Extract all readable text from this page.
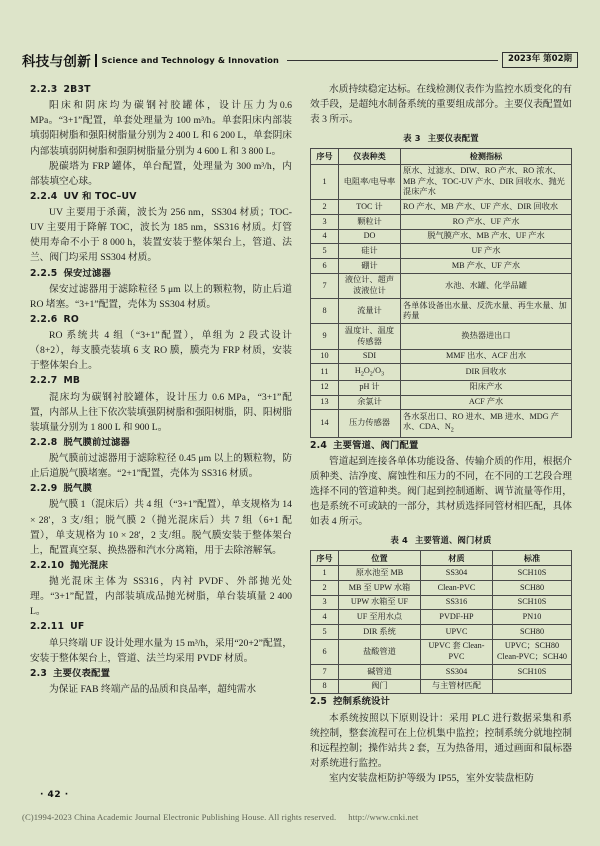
科技与创新 Science and Technology & Innovation	2023年 第02期
2.2.3 2B3T

阳床和阴床均为碳钢衬胶罐体，设计压力为0.6 MPa。“3+1”配置，单套处理量为 100 m³/h。单套阳床内部装填弱阳树脂和强阳树脂量分别为 2 400 L 和 6 200 L，单套阴床内部装填弱阴树脂和强阴树脂量分别为 4 600 L 和 3 800 L。

脱碳塔为 FRP 罐体，单台配置，处理量为 300 m³/h，内部装填空心球。

2.2.4 UV 和 TOC–UV

UV 主要用于杀菌，波长为 256 nm，SS304 材质；TOC-UV 主要用于降解 TOC，波长为 185 nm，SS316 材质。灯管使用寿命不小于 8 000 h，装置安装于整体架台上，管道、法兰、阀门均采用 SS304 材质。

2.2.5 保安过滤器

保安过滤器用于滤除粒径 5 μm 以上的颗粒物，防止后道 RO 堵塞。“3+1”配置，壳体为 SS304 材质。

2.2.6 RO

RO 系统共 4 组（“3+1”配置），单组为 2 段式设计（8+2），每支膜壳装填 6 支 RO 膜，膜壳为 FRP 材质，安装于整体架台上。

2.2.7 MB

混床均为碳钢衬胶罐体，设计压力 0.6 MPa，“3+1”配置，内部从上往下依次装填强阴树脂和强阳树脂，阴、阳树脂装填量分别为 1 800 L 和 900 L。

2.2.8 脱气膜前过滤器

脱气膜前过滤器用于滤除粒径 0.45 μm 以上的颗粒物，防止后道脱气膜堵塞。“2+1”配置，壳体为 SS316 材质。

2.2.9 脱气膜

脱气膜 1（混床后）共 4 组（“3+1”配置），单支规格为 14 × 28'，3 支/组；脱气膜 2（抛光混床后）共 7 组（6+1 配置），单支规格为 10 × 28'，2 支/组。脱气膜安装于整体架台上，配置真空泵、换热器和汽水分离箱，用于去除溶解氧。

2.2.10 抛光混床

抛光混床主体为 SS316，内衬 PVDF、外部抛光处理。“3+1”配置，内部装填成品抛光树脂，单台装填量 2 400 L。

2.2.11 UF

单只终端 UF 设计处理水量为 15 m³/h，采用“20+2”配置，安装于整体架台上，管道、法兰均采用 PVDF 材质。

2.3 主要仪表配置

为保证 FAB 终端产品的品质和良品率，超纯需水

水质持续稳定达标。在线检测仪表作为监控水质变化的有效手段，是超纯水制备系统的重要组成部分。主要仪表配置如表 3 所示。

表 3 主要仪表配置
序号	仪表种类	检测指标
1	电阻率/电导率	原水、过滤水、DIW、RO 产水、RO 浓水、MB 产水、TOC-UV 产水、DIR 回收水、抛光混床产水
2	TOC 计	RO 产水、MB 产水、UF 产水、DIR 回收水
3	颗粒计	RO 产水、UF 产水
4	DO	脱气膜产水、MB 产水、UF 产水
5	硅计	UF 产水
6	硼计	MB 产水、UF 产水
7	液位计、超声波液位计	水池、水罐、化学品罐
8	流量计	各单体设备出水量、反洗水量、再生水量、加药量
9	温度计、温度传感器	换热器进出口
10	SDI	MMF 出水、ACF 出水
11	$H_2O_2/O_3$	DIR 回收水
12	pH 计	阳床产水
13	余氯计	ACF 产水
14	压力传感器	各水泵出口、RO 进水、MB 进水、MDG 产水、CDA、$N_2$
2.4 主要管道、阀门配置

管道起到连接各单体功能设备、传输介质的作用，根据介质种类、洁净度、腐蚀性和压力的不同，在不同的工艺段合理选择不同的管道种类。阀门起到控制通断、调节流量等作用，也是系统不可或缺的一部分，其材质选择同管材相匹配，具体如表 4 所示。

表 4 主要管道、阀门材质
序号	位置	材质	标准
1	原水池至 MB	SS304	SCH10S
2	MB 至 UPW 水箱	Clean-PVC	SCH80
3	UPW 水箱至 UF	SS316	SCH10S
4	UF 至用水点	PVDF-HP	PN10
5	DIR 系统	UPVC	SCH80
6	盐酸管道	UPVC 套 Clean-PVC	UPVC；SCH80 Clean-PVC；SCH40
7	碱管道	SS304	SCH10S
8	阀门	与主管材匹配	
2.5 控制系统设计

本系统按照以下原则设计：采用 PLC 进行数据采集和系统控制，整套流程可在上位机集中监控；控制系统分就地控制和远程控制；操作站共 2 套，互为热备用，通过画面和鼠标器对系统进行监控。

室内安装盘柜防护等级为 IP55，室外安装盘柜防

· 42 ·
(C)1994-2023 China Academic Journal Electronic Publishing House. All rights reserved. http://www.cnki.net
